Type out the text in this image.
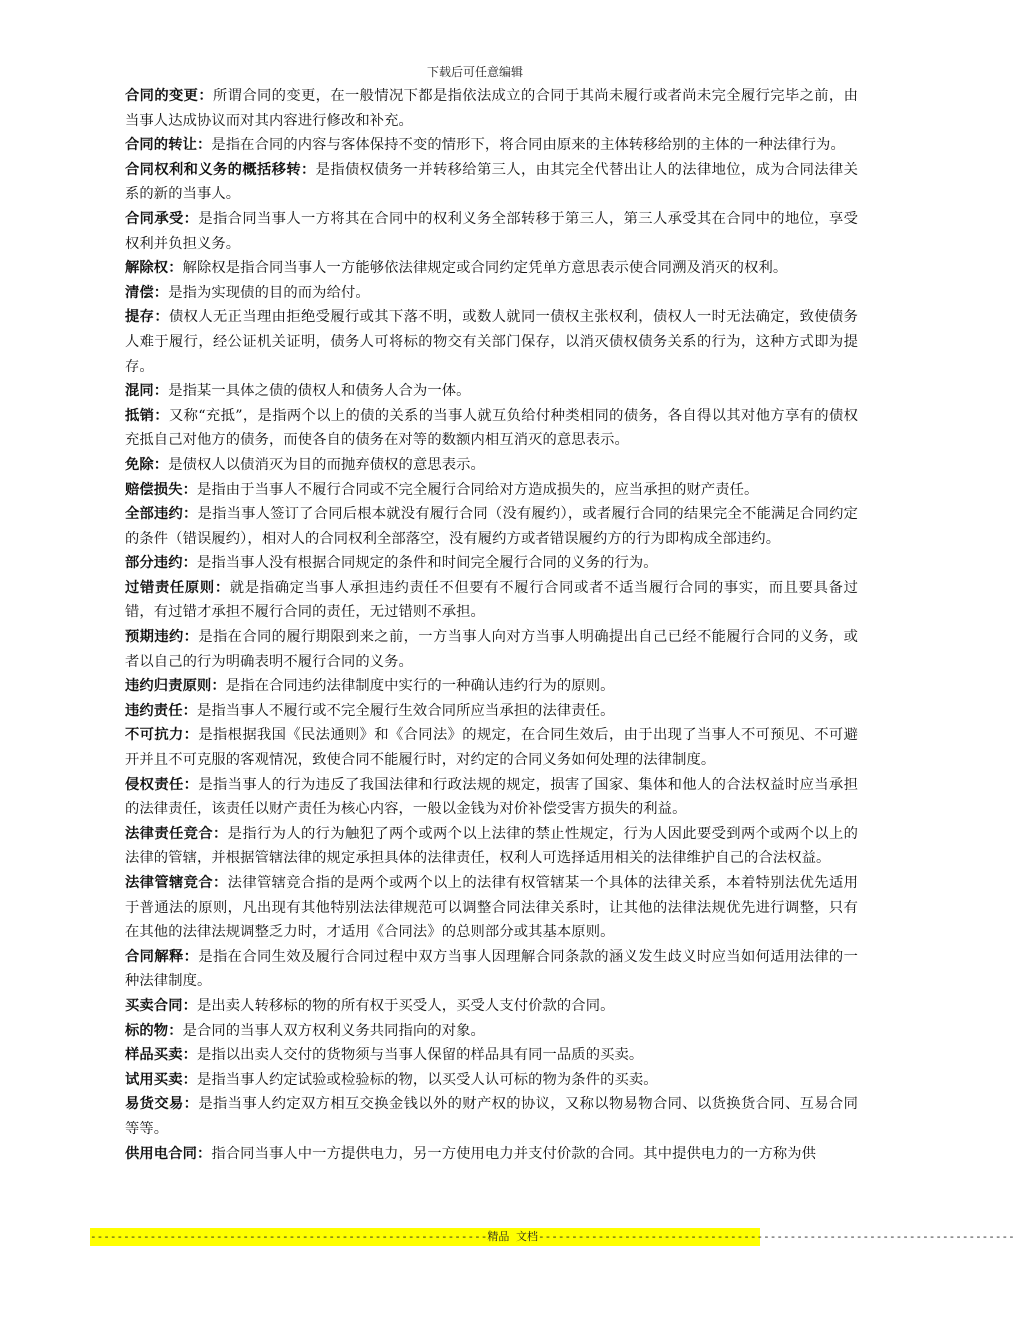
下载后可任意编辑

合同的变更：所谓合同的变更，在一般情况下都是指依法成立的合同于其尚未履行或者尚未完全履行完毕之前，由当事人达成协议而对其内容进行修改和补充。

合同的转让：是指在合同的内容与客体保持不变的情形下，将合同由原来的主体转移给别的主体的一种法律行为。

合同权利和义务的概括移转：是指债权债务一并转移给第三人，由其完全代替出让人的法律地位，成为合同法律关系的新的当事人。

合同承受：是指合同当事人一方将其在合同中的权利义务全部转移于第三人，第三人承受其在合同中的地位，享受权利并负担义务。

解除权：解除权是指合同当事人一方能够依法律规定或合同约定凭单方意思表示使合同溯及消灭的权利。

清偿：是指为实现债的目的而为给付。

提存：债权人无正当理由拒绝受履行或其下落不明，或数人就同一债权主张权利，债权人一时无法确定，致使债务人难于履行，经公证机关证明，债务人可将标的物交有关部门保存，以消灭债权债务关系的行为，这种方式即为提存。

混同：是指某一具体之债的债权人和债务人合为一体。

抵销：又称“充抵”，是指两个以上的债的关系的当事人就互负给付种类相同的债务，各自得以其对他方享有的债权充抵自己对他方的债务，而使各自的债务在对等的数额内相互消灭的意思表示。

免除：是债权人以债消灭为目的而抛弃债权的意思表示。

赔偿损失：是指由于当事人不履行合同或不完全履行合同给对方造成损失的，应当承担的财产责任。

全部违约：是指当事人签订了合同后根本就没有履行合同（没有履约），或者履行合同的结果完全不能满足合同约定的条件（错误履约），相对人的合同权利全部落空，没有履约方或者错误履约方的行为即构成全部违约。

部分违约：是指当事人没有根据合同规定的条件和时间完全履行合同的义务的行为。

过错责任原则：就是指确定当事人承担违约责任不但要有不履行合同或者不适当履行合同的事实，而且要具备过错，有过错才承担不履行合同的责任，无过错则不承担。

预期违约：是指在合同的履行期限到来之前，一方当事人向对方当事人明确提出自己已经不能履行合同的义务，或者以自己的行为明确表明不履行合同的义务。

违约归责原则：是指在合同违约法律制度中实行的一种确认违约行为的原则。

违约责任：是指当事人不履行或不完全履行生效合同所应当承担的法律责任。

不可抗力：是指根据我国《民法通则》和《合同法》的规定，在合同生效后，由于出现了当事人不可预见、不可避开并且不可克服的客观情况，致使合同不能履行时，对约定的合同义务如何处理的法律制度。

侵权责任：是指当事人的行为违反了我国法律和行政法规的规定，损害了国家、集体和他人的合法权益时应当承担的法律责任，该责任以财产责任为核心内容，一般以金钱为对价补偿受害方损失的利益。

法律责任竞合：是指行为人的行为触犯了两个或两个以上法律的禁止性规定，行为人因此要受到两个或两个以上的法律的管辖，并根据管辖法律的规定承担具体的法律责任，权利人可选择适用相关的法律维护自己的合法权益。

法律管辖竞合：法律管辖竞合指的是两个或两个以上的法律有权管辖某一个具体的法律关系，本着特别法优先适用于普通法的原则，凡出现有其他特别法法律规范可以调整合同法律关系时，让其他的法律法规优先进行调整，只有在其他的法律法规调整乏力时，才适用《合同法》的总则部分或其基本原则。

合同解释：是指在合同生效及履行合同过程中双方当事人因理解合同条款的涵义发生歧义时应当如何适用法律的一种法律制度。

买卖合同：是出卖人转移标的物的所有权于买受人，买受人支付价款的合同。

标的物：是合同的当事人双方权利义务共同指向的对象。

样品买卖：是指以出卖人交付的货物须与当事人保留的样品具有同一品质的买卖。

试用买卖：是指当事人约定试验或检验标的物，以买受人认可标的物为条件的买卖。

易货交易：是指当事人约定双方相互交换金钱以外的财产权的协议，又称以物易物合同、以货换货合同、互易合同等等。

供用电合同：指合同当事人中一方提供电力，另一方使用电力并支付价款的合同。其中提供电力的一方称为供

------------------------------------------------------------精品 文档------------------------------------------------------------------------
